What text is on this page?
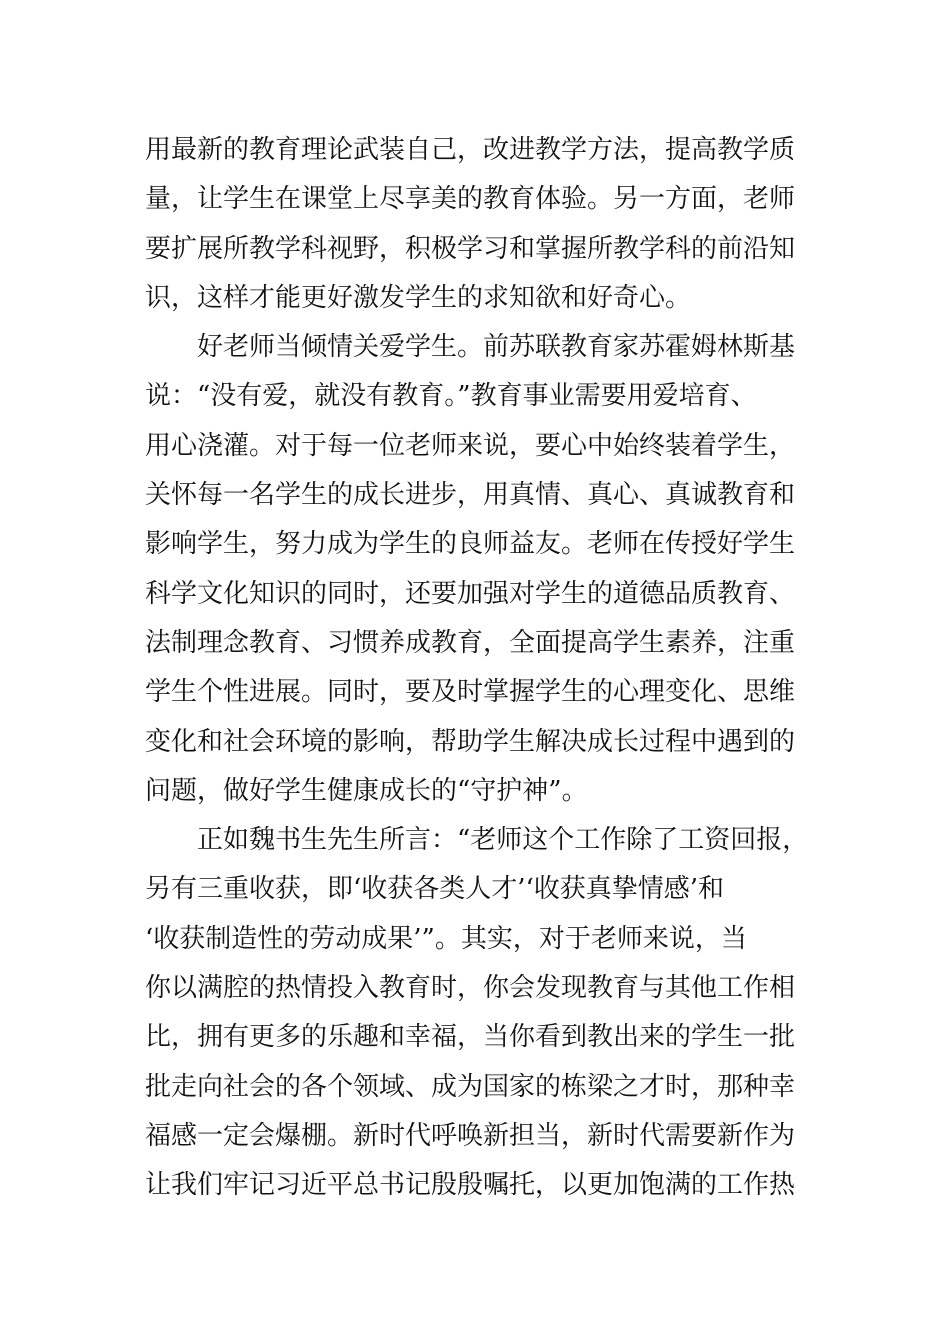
用最新的教育理论武装自己，改进教学方法，提高教学质
量，让学生在课堂上尽享美的教育体验。另一方面，老师
要扩展所教学科视野，积极学习和掌握所教学科的前沿知
识，这样才能更好激发学生的求知欲和好奇心。
好老师当倾情关爱学生。前苏联教育家苏霍姆林斯基
说：“没有爱，就没有教育。”教育事业需要用爱培育、
用心浇灌。对于每一位老师来说，要心中始终装着学生，
关怀每一名学生的成长进步，用真情、真心、真诚教育和
影响学生，努力成为学生的良师益友。老师在传授好学生
科学文化知识的同时，还要加强对学生的道德品质教育、
法制理念教育、习惯养成教育，全面提高学生素养，注重
学生个性进展。同时，要及时掌握学生的心理变化、思维
变化和社会环境的影响，帮助学生解决成长过程中遇到的
问题，做好学生健康成长的“守护神”。
正如魏书生先生所言：“老师这个工作除了工资回报，
另有三重收获，即‘收获各类人才’‘收获真挚情感’和
‘收获制造性的劳动成果’”。其实，对于老师来说，当
你以满腔的热情投入教育时，你会发现教育与其他工作相
比，拥有更多的乐趣和幸福，当你看到教出来的学生一批
批走向社会的各个领域、成为国家的栋梁之才时，那种幸
福感一定会爆棚。新时代呼唤新担当，新时代需要新作为
让我们牢记习近平总书记殷殷嘱托，以更加饱满的工作热
